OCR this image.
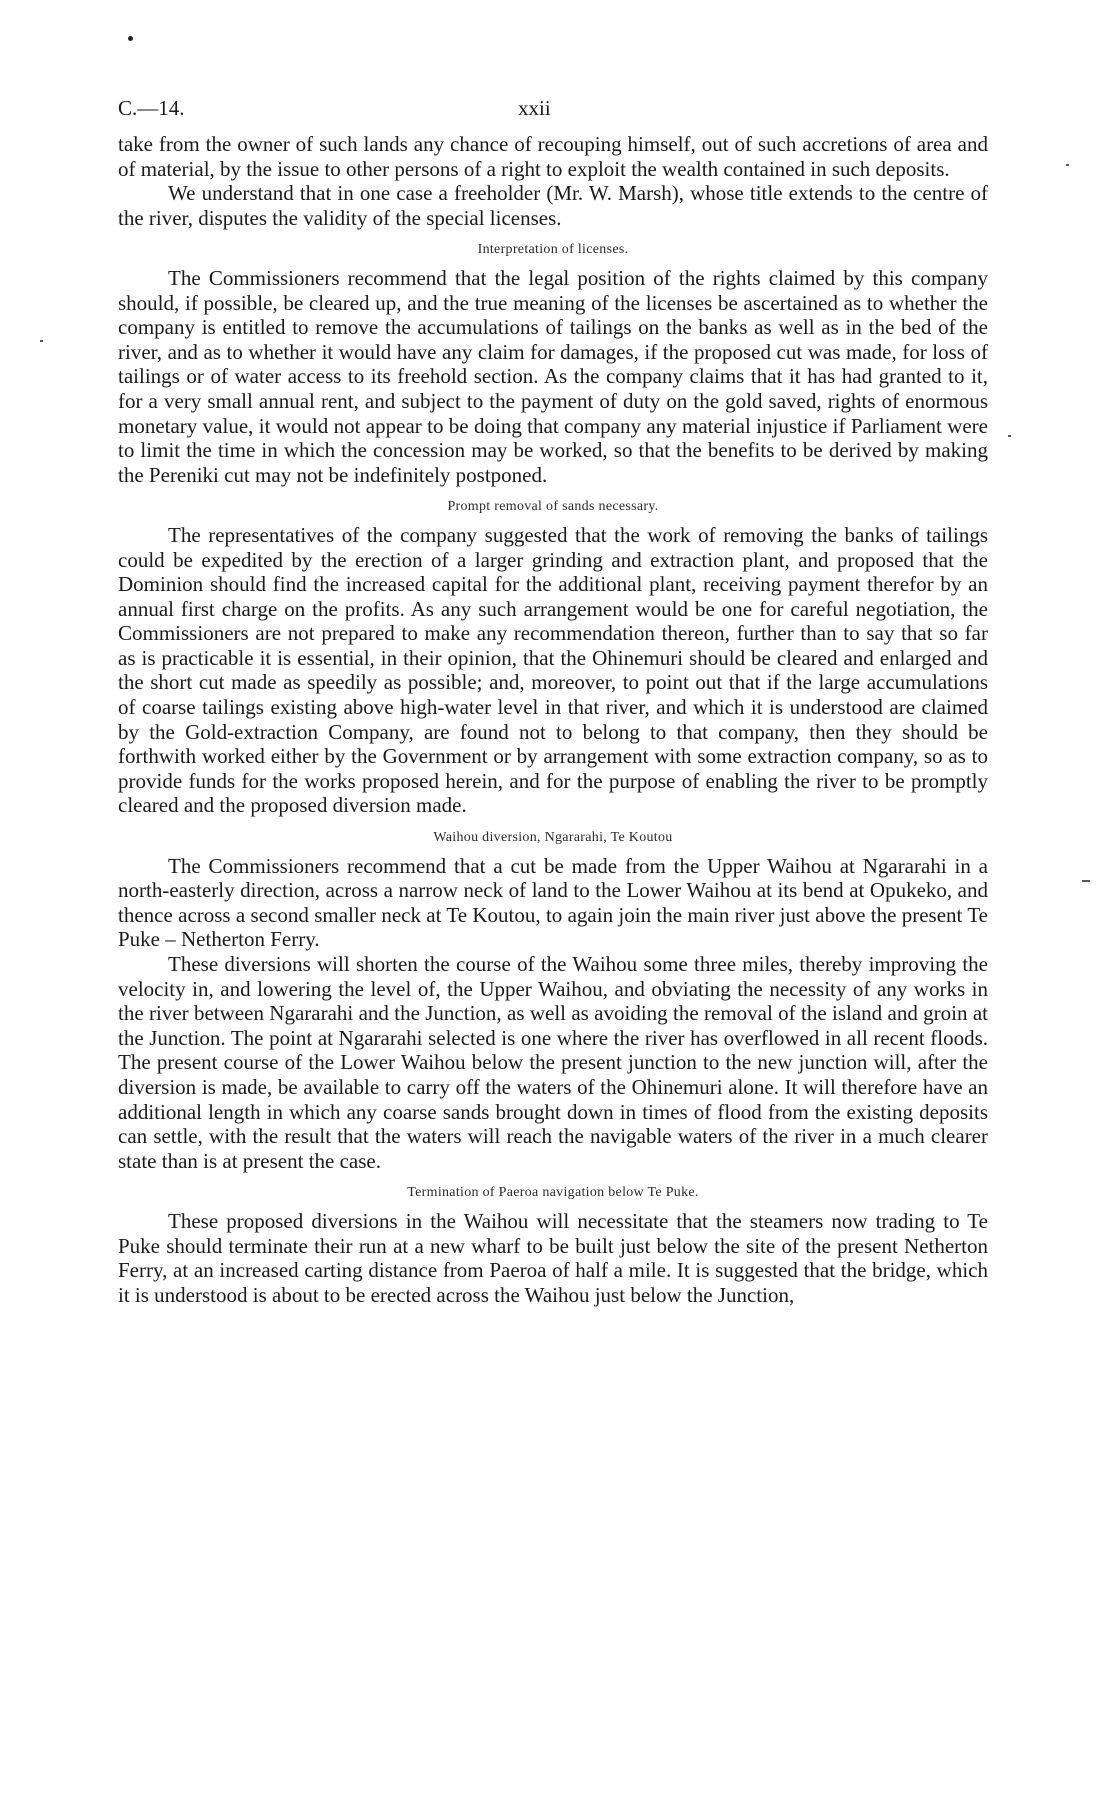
C.—14.	xxii

take from the owner of such lands any chance of recouping himself, out of such accretions of area and of material, by the issue to other persons of a right to exploit the wealth contained in such deposits.

We understand that in one case a freeholder (Mr. W. Marsh), whose title extends to the centre of the river, disputes the validity of the special licenses.

Interpretation of licenses.

The Commissioners recommend that the legal position of the rights claimed by this company should, if possible, be cleared up, and the true meaning of the licenses be ascertained as to whether the company is entitled to remove the accumulations of tailings on the banks as well as in the bed of the river, and as to whether it would have any claim for damages, if the proposed cut was made, for loss of tailings or of water access to its freehold section. As the company claims that it has had granted to it, for a very small annual rent, and subject to the payment of duty on the gold saved, rights of enormous monetary value, it would not appear to be doing that company any material injustice if Parliament were to limit the time in which the concession may be worked, so that the benefits to be derived by making the Pereniki cut may not be indefinitely postponed.

Prompt removal of sands necessary.

The representatives of the company suggested that the work of removing the banks of tailings could be expedited by the erection of a larger grinding and extraction plant, and proposed that the Dominion should find the increased capital for the additional plant, receiving payment therefor by an annual first charge on the profits. As any such arrangement would be one for careful negotiation, the Commissioners are not prepared to make any recommendation thereon, further than to say that so far as is practicable it is essential, in their opinion, that the Ohinemuri should be cleared and enlarged and the short cut made as speedily as possible; and, moreover, to point out that if the large accumulations of coarse tailings existing above high-water level in that river, and which it is understood are claimed by the Gold-extraction Company, are found not to belong to that company, then they should be forthwith worked either by the Government or by arrangement with some extraction company, so as to provide funds for the works proposed herein, and for the purpose of enabling the river to be promptly cleared and the proposed diversion made.

Waihou diversion, Ngararahi, Te Koutou

The Commissioners recommend that a cut be made from the Upper Waihou at Ngararahi in a north-easterly direction, across a narrow neck of land to the Lower Waihou at its bend at Opukeko, and thence across a second smaller neck at Te Koutou, to again join the main river just above the present Te Puke – Netherton Ferry.

These diversions will shorten the course of the Waihou some three miles, thereby improving the velocity in, and lowering the level of, the Upper Waihou, and obviating the necessity of any works in the river between Ngararahi and the Junction, as well as avoiding the removal of the island and groin at the Junction. The point at Ngararahi selected is one where the river has overflowed in all recent floods. The present course of the Lower Waihou below the present junction to the new junction will, after the diversion is made, be available to carry off the waters of the Ohinemuri alone. It will therefore have an additional length in which any coarse sands brought down in times of flood from the existing deposits can settle, with the result that the waters will reach the navigable waters of the river in a much clearer state than is at present the case.

Termination of Paeroa navigation below Te Puke.

These proposed diversions in the Waihou will necessitate that the steamers now trading to Te Puke should terminate their run at a new wharf to be built just below the site of the present Netherton Ferry, at an increased carting distance from Paeroa of half a mile. It is suggested that the bridge, which it is understood is about to be erected across the Waihou just below the Junction,
